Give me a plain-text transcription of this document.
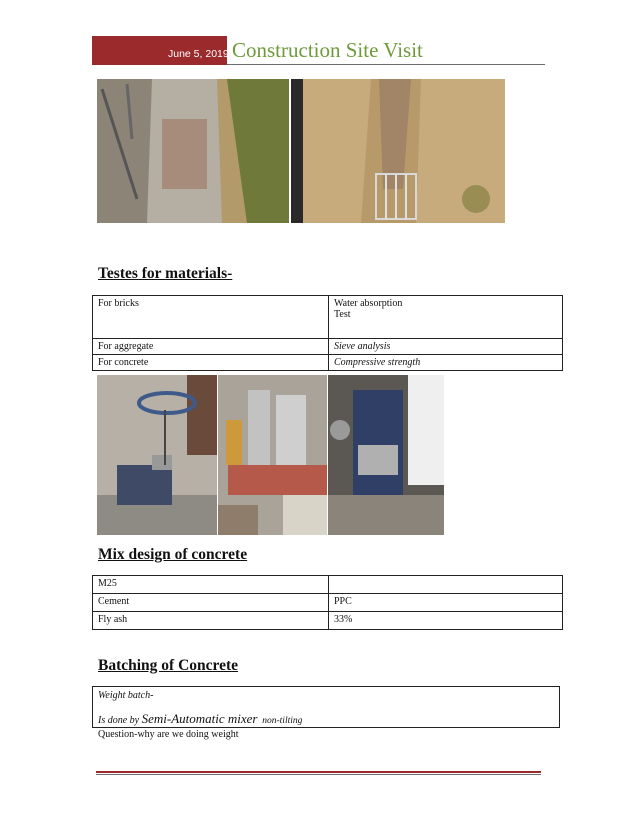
June 5, 2019 Construction Site Visit
Testes for materials-
For bricks	Water absorption
Test

For aggregate	Sieve analysis
For concrete	Compressive strength
Mix design of concrete
M25	
Cement	PPC
Fly ash	33%
Batching of Concrete
Weight batch-
Is done by Semi-Automatic mixer  non-tilting
Question-why are we doing weight
